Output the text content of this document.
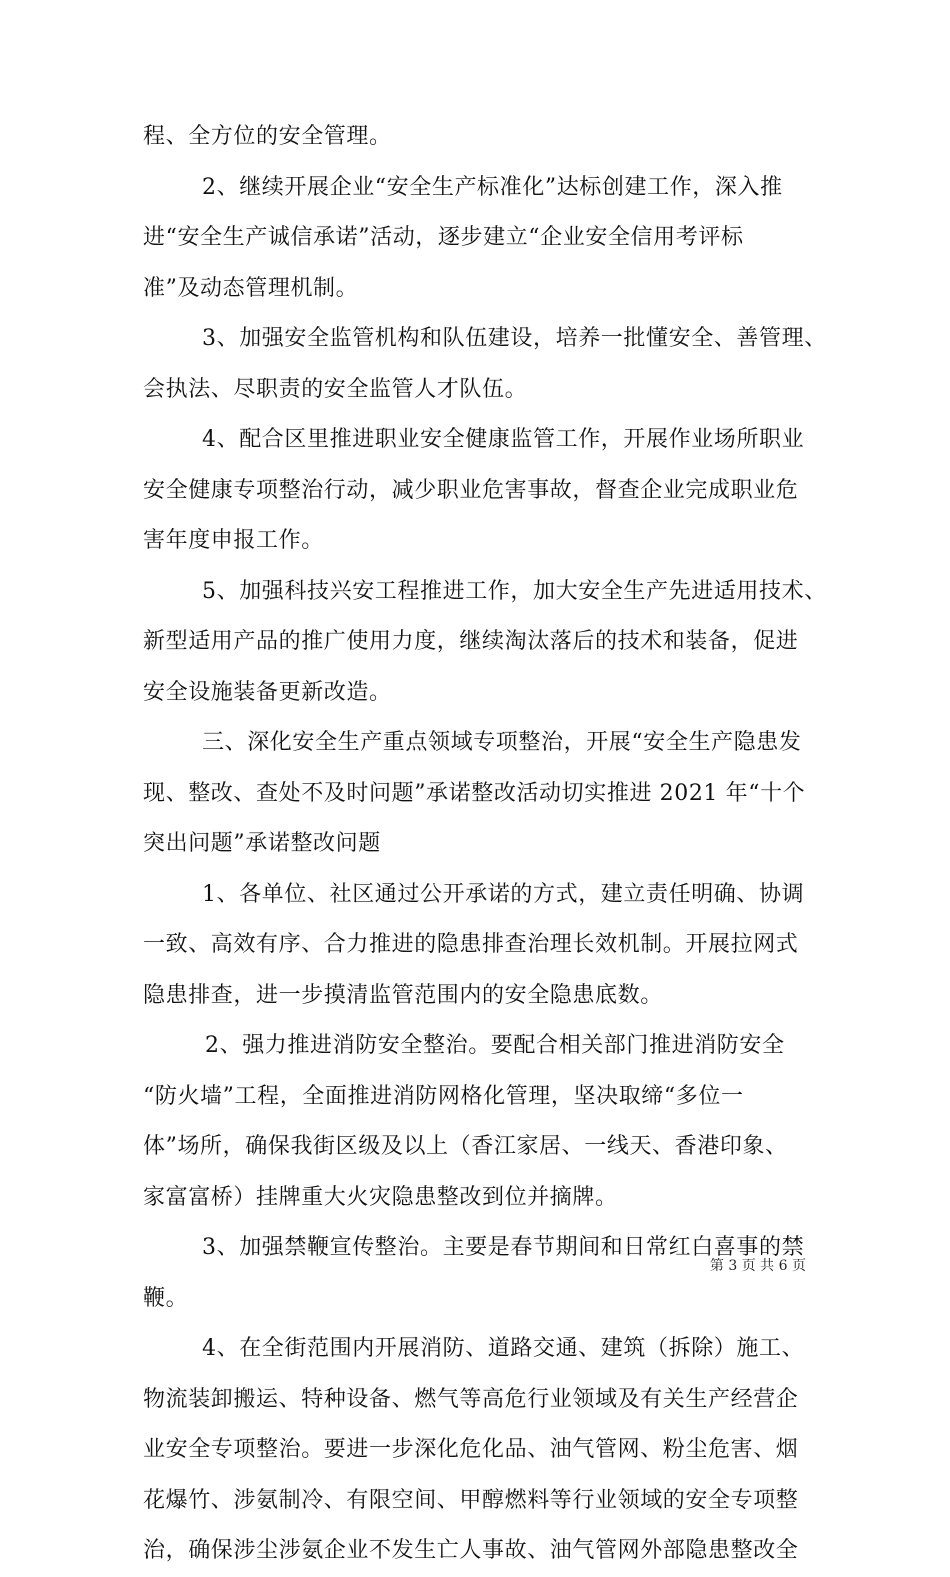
程、全方位的安全管理。
2、继续开展企业“安全生产标准化”达标创建工作，深入推
进“安全生产诚信承诺”活动，逐步建立“企业安全信用考评标
准”及动态管理机制。
3、加强安全监管机构和队伍建设，培养一批懂安全、善管理、
会执法、尽职责的安全监管人才队伍。
4、配合区里推进职业安全健康监管工作，开展作业场所职业
安全健康专项整治行动，减少职业危害事故，督查企业完成职业危
害年度申报工作。
5、加强科技兴安工程推进工作，加大安全生产先进适用技术、
新型适用产品的推广使用力度，继续淘汰落后的技术和装备，促进
安全设施装备更新改造。
三、深化安全生产重点领域专项整治，开展“安全生产隐患发
现、整改、查处不及时问题”承诺整改活动切实推进 2021 年“十个
突出问题”承诺整改问题
1、各单位、社区通过公开承诺的方式，建立责任明确、协调
一致、高效有序、合力推进的隐患排查治理长效机制。开展拉网式
隐患排查，进一步摸清监管范围内的安全隐患底数。
2、强力推进消防安全整治。要配合相关部门推进消防安全
“防火墙”工程，全面推进消防网格化管理，坚决取缔“多位一
体”场所，确保我街区级及以上（香江家居、一线天、香港印象、
家富富桥）挂牌重大火灾隐患整改到位并摘牌。
3、加强禁鞭宣传整治。主要是春节期间和日常红白喜事的禁
鞭。
4、在全街范围内开展消防、道路交通、建筑（拆除）施工、
物流装卸搬运、特种设备、燃气等高危行业领域及有关生产经营企
业安全专项整治。要进一步深化危化品、油气管网、粉尘危害、烟
花爆竹、涉氨制冷、有限空间、甲醇燃料等行业领域的安全专项整
治，确保涉尘涉氨企业不发生亡人事故、油气管网外部隐患整改全
第 3 页 共 6 页
